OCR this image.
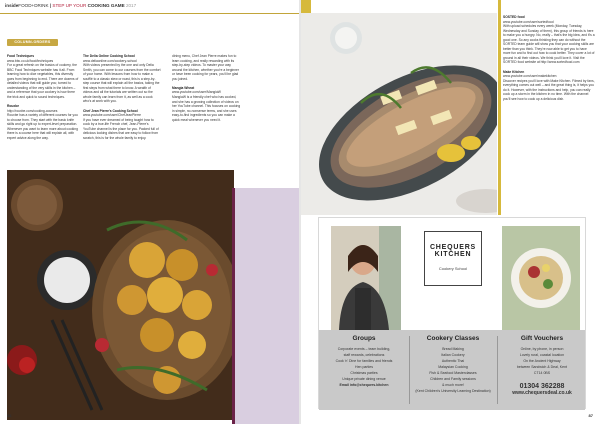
insideFOOD+DRINK | STEP UP YOUR COOKING GAME 2017
COLUMN-ORDERS

Food Techniques
www.bbc.co.uk/food/techniques
For a great refresh on the basics of cookery, the BBC Food Techniques website has it all. From learning how to dice vegetables, this diversity goes from beginning to end. There are dozens of detailed videos that will guide you; turned to understanding of the very skills in the kitchen – and a reference that your cookery is how there the trick and quick to sound techniques.

Rouxbe
http://rouxbe.com/cooking-courses
Rouxbe has a variety of different courses for you to choose from. They start with the basic knife skills and go right up to expert-level preparation. Whenever you want to learn more about cooking there is a course here that will explain all, with expert advice along the way.

The Delia Online Cooking School
www.deliaonline.com/cookery-school
With videos presented by the one and only Delia Smith, you can come to our courses from the comfort of your home. With lessons from how to make a soufflé to a classic stew or roast, this is a step-by-step course that will explain all the basics, taking the first steps from what there to know. A wealth of videos and all the tutorials are written out so the whole family can learn from it, as well as a cook who's at work with you.

Chef Jean Pierre's Cooking School
www.youtube.com/user/ChefJeanPierre
If you have ever dreamed of being taught how to cook by a true-life French chef, Jean-Pierre's YouTube channel is the place for you. Packed full of delicious looking dishes that are easy to follow from scratch, this is for the whole family to enjoy.

dining menu, Chef Jean Pierre makes fun to learn cooking, and really rewarding with its step-by-step videos. To master your way around the kitchen, whether you're a beginner or have been cooking for years, you'll be glad you joined.

Mangia Wheat
www.youtube.com/user/MangiaW
MangiaW is a friendly chef who has cooked, and she has a growing collection of videos on her YouTube channel. This focuses on cooking in simple, no-nonsense terms, and she uses easy-to-find ingredients so you can make a quick meal whenever you need it.

86

SOSTED food
www.youtube.com/user/sortedfood
With upload schedules every week (Monday, Tuesday, Wednesday and Sunday of them), this group of friends is here to make you a hungry. No, really – that's the big idea, and it's a good one. So any cooks thinking they can do without the SORTED team guide will show you that your cooking skills are better than you think. They're now able to get you to have more fun and to find out how to cook better. They cover a lot of ground in all their videos. We think you'll love it. Visit the SORTED food website at http://www.sortedfood.com

Make Kitchen
www.youtube.com/user/makekitchen
Discover recipes you'll love with Make Kitchen. Filmed by fans, everything comes out well – and the great thing is, it helps you do it. However, with the instructions and help, you can really cook up a storm in the kitchen in no time. With the channel you'll see how to cook up a delicious dish.

CHEQUERS
KITCHEN
Cookery School
Groups
Corporate events – team building,
staff rewards, celebrations
Cook 'n' Dine for families and friends
Hen parties
Christmas parties
Unique private dining venue
Email info@chequers.kitchen
Cookery Classes
Bread Making
Italian Cookery
Authentic Thai
Malaysian Cooking
Fish & Seafood Masterclasses
Children and Family sessions
& much more!
(Kent Children's University Learning Destination)
Gift Vouchers
Online, by phone, in person
Lovely rural, coastal location
On the Ancient Highway
between Sandwich & Deal, Kent
CT14 0BS
01304 362288
www.chequersdeal.co.uk
87
